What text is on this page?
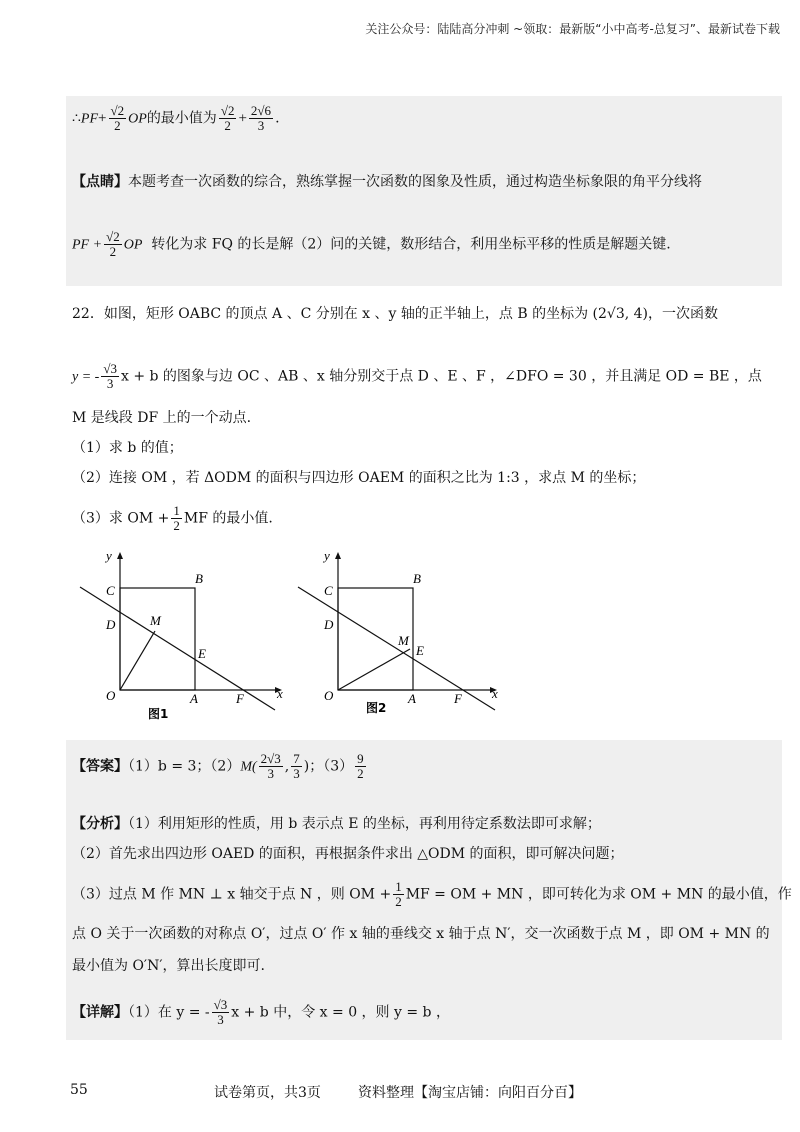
关注公众号：陆陆高分冲刺 ~领取：最新版“小中高考-总复习”、最新试卷下载
∴PF+ $\frac{√2}{2}$ OP的最小值为 $\frac{√2}{2} + \frac{2√6}{3}$ .
【点睛】本题考查一次函数的综合，熟练掌握一次函数的图象及性质，通过构造坐标象限的角平分线将
PF + $\frac{√2}{2}$ OP 转化为求 FQ 的长是解（2）问的关键，数形结合，利用坐标平移的性质是解题关键.
22．如图，矩形 OABC 的顶点 A 、C 分别在 x 、y 轴的正半轴上，点 B 的坐标为 (2√3, 4)，一次函数
y = - $\frac{√3}{3}$ x + b 的图象与边 OC 、AB 、x 轴分别交于点 D 、E 、F ，∠DFO = 30 ，并且满足 OD = BE ，点
M 是线段 DF 上的一个动点.
（1）求 b 的值；
（2）连接 OM ，若 ΔODM 的面积与四边形 OAEM 的面积之比为 1:3 ，求点 M 的坐标；
（3）求 OM + $\frac{1}{2}$ MF 的最小值.
y
C
B
D	M
E
O	A	F	x
图1
y
C
B
D
M
E
O	A	F x
图2
【答案】（1）b = 3；$(2)M( \frac{2√3}{3}$ , $\frac{7}{3}$ )；$(3) \frac{9}{2}$
【分析】（1）利用矩形的性质，用 b 表示点 E 的坐标，再利用待定系数法即可求解；
（2）首先求出四边形 OAED 的面积，再根据条件求出 △ODM 的面积，即可解决问题；
（3）过点 M 作 MN ⊥ x 轴交于点 N ，则 OM + $\frac{1}{2}$ MF = OM + MN ，即可转化为求 OM + MN 的最小值，作
点 O 关于一次函数的对称点 O′，过点 O′ 作 x 轴的垂线交 x 轴于点 N′，交一次函数于点 M ，即 OM + MN 的
最小值为 O′N′，算出长度即可.
【详解】（1）在 y = - $\frac{√3}{3}$ x + b 中，令 x = 0 ，则 y = b ，
55	试卷第页，共3页	资料整理【淘宝店铺：向阳百分百】
